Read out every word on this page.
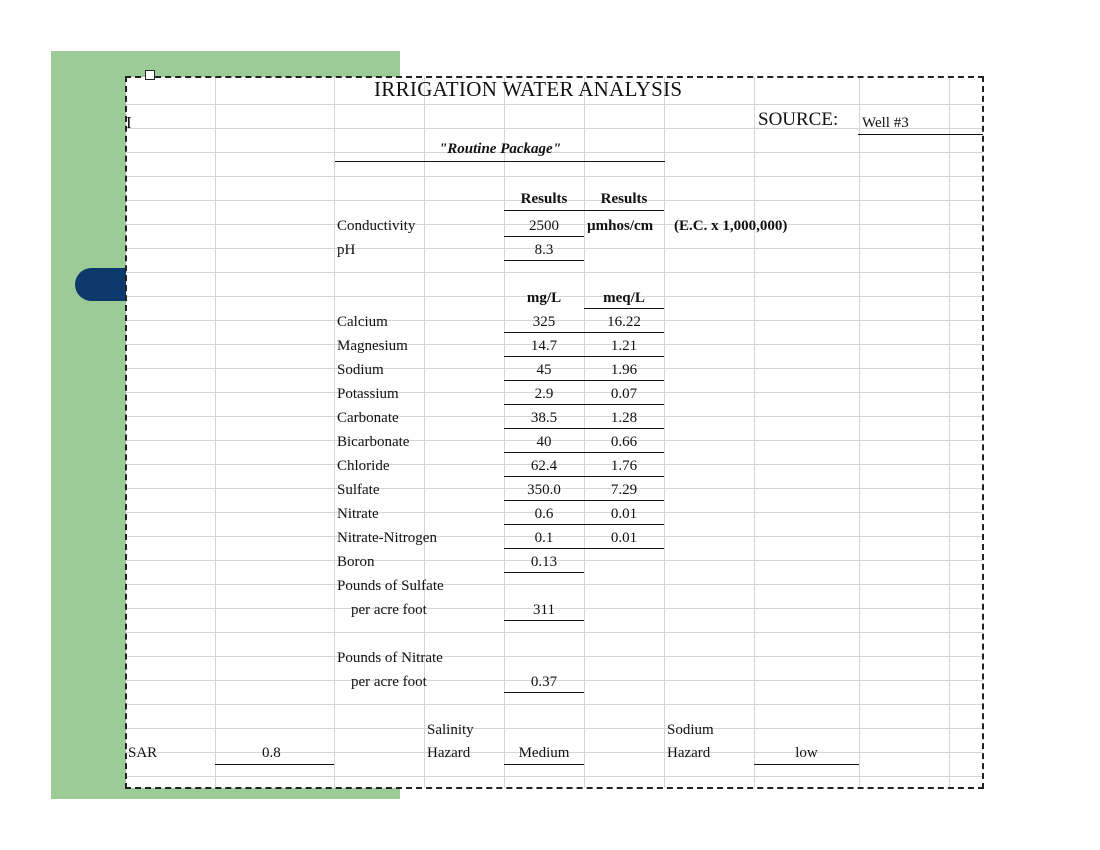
IRRIGATION WATER ANALYSIS
I	SOURCE: Well #3
"Routine Package"
Results	Results
Conductivity	2500	µmhos/cm (E.C. x 1,000,000)
pH	8.3
mg/L	meq/L
Calcium	325	16.22
Magnesium	14.7	1.21
Sodium	45	1.96
Potassium	2.9	0.07
Carbonate	38.5	1.28
Bicarbonate	40	0.66
Chloride	62.4	1.76
Sulfate	350.0	7.29
Nitrate	0.6	0.01
Nitrate-Nitrogen	0.1	0.01
Boron	0.13
Pounds of Sulfate
per acre foot	311
Pounds of Nitrate
per acre foot	0.37
SAR	0.8
Salinity
Hazard	Medium
Sodium
Hazard	low
